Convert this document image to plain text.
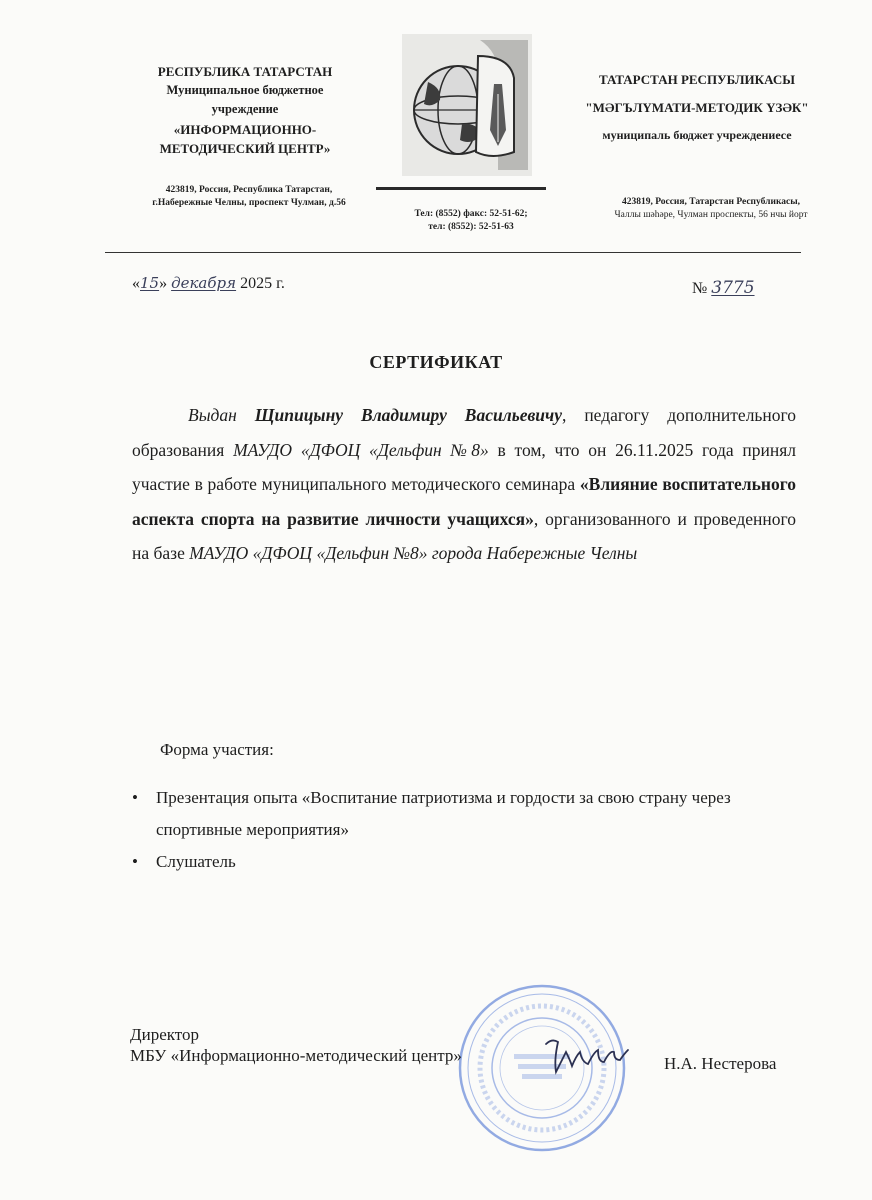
РЕСПУБЛИКА ТАТАРСТАН
Муниципальное бюджетное
учреждение
«ИНФОРМАЦИОННО-
МЕТОДИЧЕСКИЙ ЦЕНТР»
423819, Россия, Республика Татарстан,
г.Набережные Челны, проспект Чулман, д.56
Тел: (8552) факс: 52-51-62;
тел: (8552): 52-51-63
ТАТАРСТАН РЕСПУБЛИКАСЫ
"МӘГЪЛҮМАТИ-МЕТОДИК ҮЗӘК"
муниципаль бюджет учреждениесе
423819, Россия, Татарстан Республикасы,
Чаллы шәһәре, Чулман проспекты, 56 нчы йорт
«15» декабря 2025 г.	№ 3775
СЕРТИФИКАТ

Выдан Щипицыну Владимиру Васильевичу, педагогу дополнительного образования МАУДО «ДФОЦ «Дельфин №8» в том, что он 26.11.2025 года принял участие в работе муниципального методического семинара «Влияние воспитательного аспекта спорта на развитие личности учащихся», организованного и проведенного на базе МАУДО «ДФОЦ «Дельфин №8» города Набережные Челны

Форма участия:
• Презентация опыта «Воспитание патриотизма и гордости за свою страну через спортивные мероприятия»
• Слушатель
Директор
МБУ «Информационно-методический центр»	Н.А. Нестерова
